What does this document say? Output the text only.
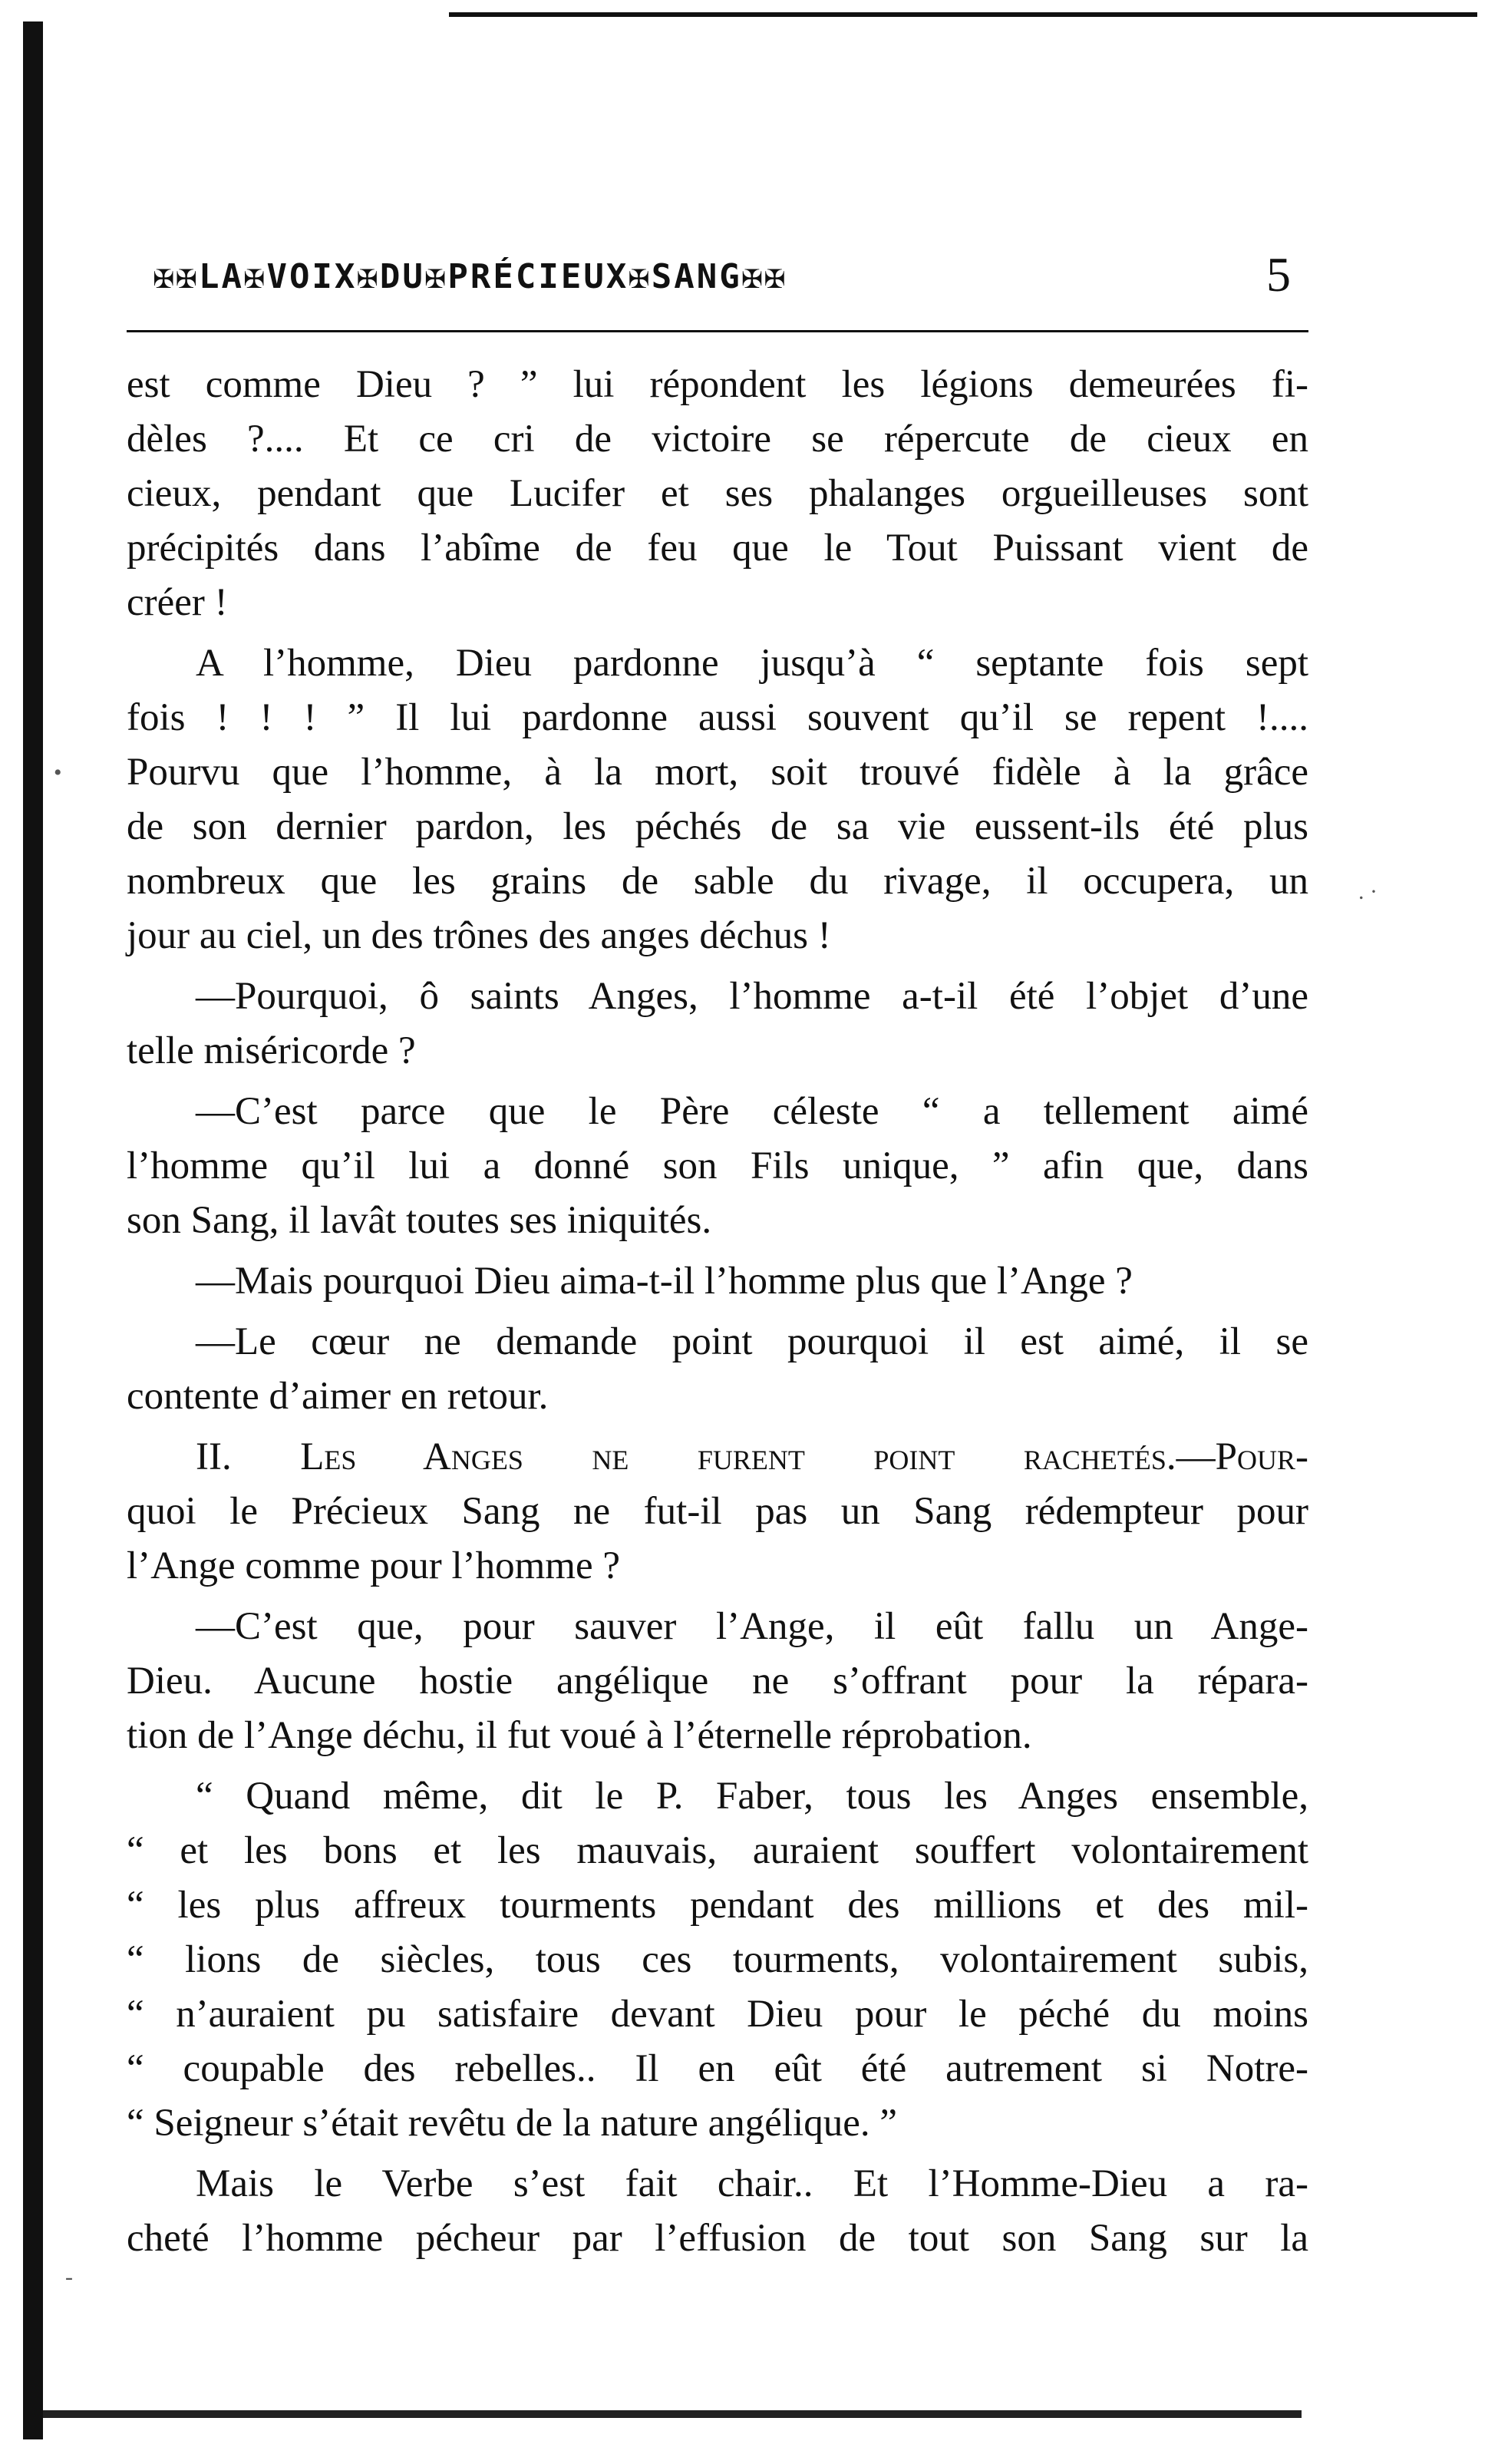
✠✠LA✠VOIX✠DU✠PRÉCIEUX✠SANG✠✠	5
est comme Dieu ? ” lui répondent les légions demeurées fi-
dèles ?.... Et ce cri de victoire se répercute de cieux en
cieux, pendant que Lucifer et ses phalanges orgueilleuses sont
précipités dans l’abîme de feu que le Tout Puissant vient de
créer !
A l’homme, Dieu pardonne jusqu’à “ septante fois sept
fois ! ! ! ” Il lui pardonne aussi souvent qu’il se repent !....
Pourvu que l’homme, à la mort, soit trouvé fidèle à la grâce
de son dernier pardon, les péchés de sa vie eussent-ils été plus
nombreux que les grains de sable du rivage, il occupera, un
jour au ciel, un des trônes des anges déchus !
—Pourquoi, ô saints Anges, l’homme a-t-il été l’objet d’une
telle miséricorde ?
—C’est parce que le Père céleste “ a tellement aimé
l’homme qu’il lui a donné son Fils unique, ” afin que, dans
son Sang, il lavât toutes ses iniquités.
—Mais pourquoi Dieu aima-t-il l’homme plus que l’Ange ?
—Le cœur ne demande point pourquoi il est aimé, il se
contente d’aimer en retour.
II. Les Anges ne furent point rachetés.—Pour-
quoi le Précieux Sang ne fut-il pas un Sang rédempteur pour
l’Ange comme pour l’homme ?
—C’est que, pour sauver l’Ange, il eût fallu un Ange-
Dieu. Aucune hostie angélique ne s’offrant pour la répara-
tion de l’Ange déchu, il fut voué à l’éternelle réprobation.
“ Quand même, dit le P. Faber, tous les Anges ensemble,
“ et les bons et les mauvais, auraient souffert volontairement
“ les plus affreux tourments pendant des millions et des mil-
“ lions de siècles, tous ces tourments, volontairement subis,
“ n’auraient pu satisfaire devant Dieu pour le péché du moins
“ coupable des rebelles.. Il en eût été autrement si Notre-
“ Seigneur s’était revêtu de la nature angélique. ”
Mais le Verbe s’est fait chair.. Et l’Homme-Dieu a ra-
cheté l’homme pécheur par l’effusion de tout son Sang sur la
. ·
•
-
